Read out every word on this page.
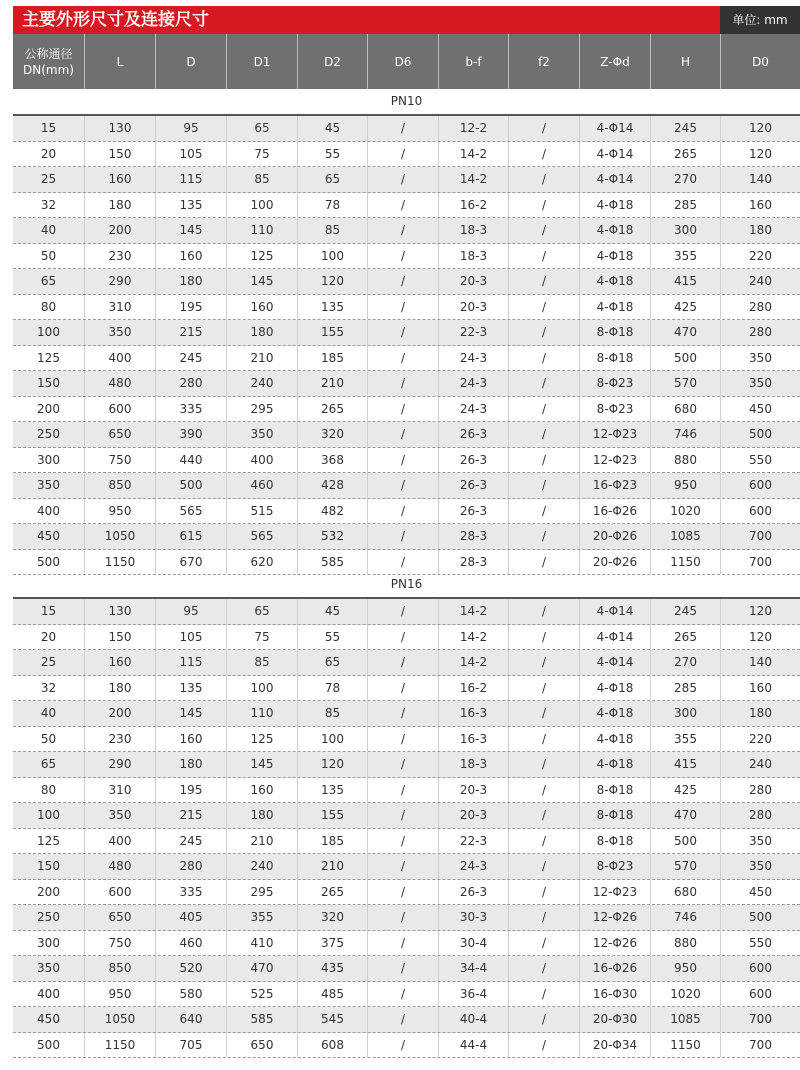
主要外形尺寸及连接尺寸	单位: mm
公称通径
DN(mm)
L	D	D1	D2	D6	b-f	f2	Z-Φd	H	D0
PN10
15	130	95	65	45	/	12-2	/	4-Φ14	245	120
20	150	105	75	55	/	14-2	/	4-Φ14	265	120
25	160	115	85	65	/	14-2	/	4-Φ14	270	140
32	180	135	100	78	/	16-2	/	4-Φ18	285	160
40	200	145	110	85	/	18-3	/	4-Φ18	300	180
50	230	160	125	100	/	18-3	/	4-Φ18	355	220
65	290	180	145	120	/	20-3	/	4-Φ18	415	240
80	310	195	160	135	/	20-3	/	4-Φ18	425	280
100	350	215	180	155	/	22-3	/	8-Φ18	470	280
125	400	245	210	185	/	24-3	/	8-Φ18	500	350
150	480	280	240	210	/	24-3	/	8-Φ23	570	350
200	600	335	295	265	/	24-3	/	8-Φ23	680	450
250	650	390	350	320	/	26-3	/	12-Φ23	746	500
300	750	440	400	368	/	26-3	/	12-Φ23	880	550
350	850	500	460	428	/	26-3	/	16-Φ23	950	600
400	950	565	515	482	/	26-3	/	16-Φ26	1020	600
450	1050	615	565	532	/	28-3	/	20-Φ26	1085	700
500	1150	670	620	585	/	28-3	/	20-Φ26	1150	700
PN16
15	130	95	65	45	/	14-2	/	4-Φ14	245	120
20	150	105	75	55	/	14-2	/	4-Φ14	265	120
25	160	115	85	65	/	14-2	/	4-Φ14	270	140
32	180	135	100	78	/	16-2	/	4-Φ18	285	160
40	200	145	110	85	/	16-3	/	4-Φ18	300	180
50	230	160	125	100	/	16-3	/	4-Φ18	355	220
65	290	180	145	120	/	18-3	/	4-Φ18	415	240
80	310	195	160	135	/	20-3	/	8-Φ18	425	280
100	350	215	180	155	/	20-3	/	8-Φ18	470	280
125	400	245	210	185	/	22-3	/	8-Φ18	500	350
150	480	280	240	210	/	24-3	/	8-Φ23	570	350
200	600	335	295	265	/	26-3	/	12-Φ23	680	450
250	650	405	355	320	/	30-3	/	12-Φ26	746	500
300	750	460	410	375	/	30-4	/	12-Φ26	880	550
350	850	520	470	435	/	34-4	/	16-Φ26	950	600
400	950	580	525	485	/	36-4	/	16-Φ30	1020	600
450	1050	640	585	545	/	40-4	/	20-Φ30	1085	700
500	1150	705	650	608	/	44-4	/	20-Φ34	1150	700
